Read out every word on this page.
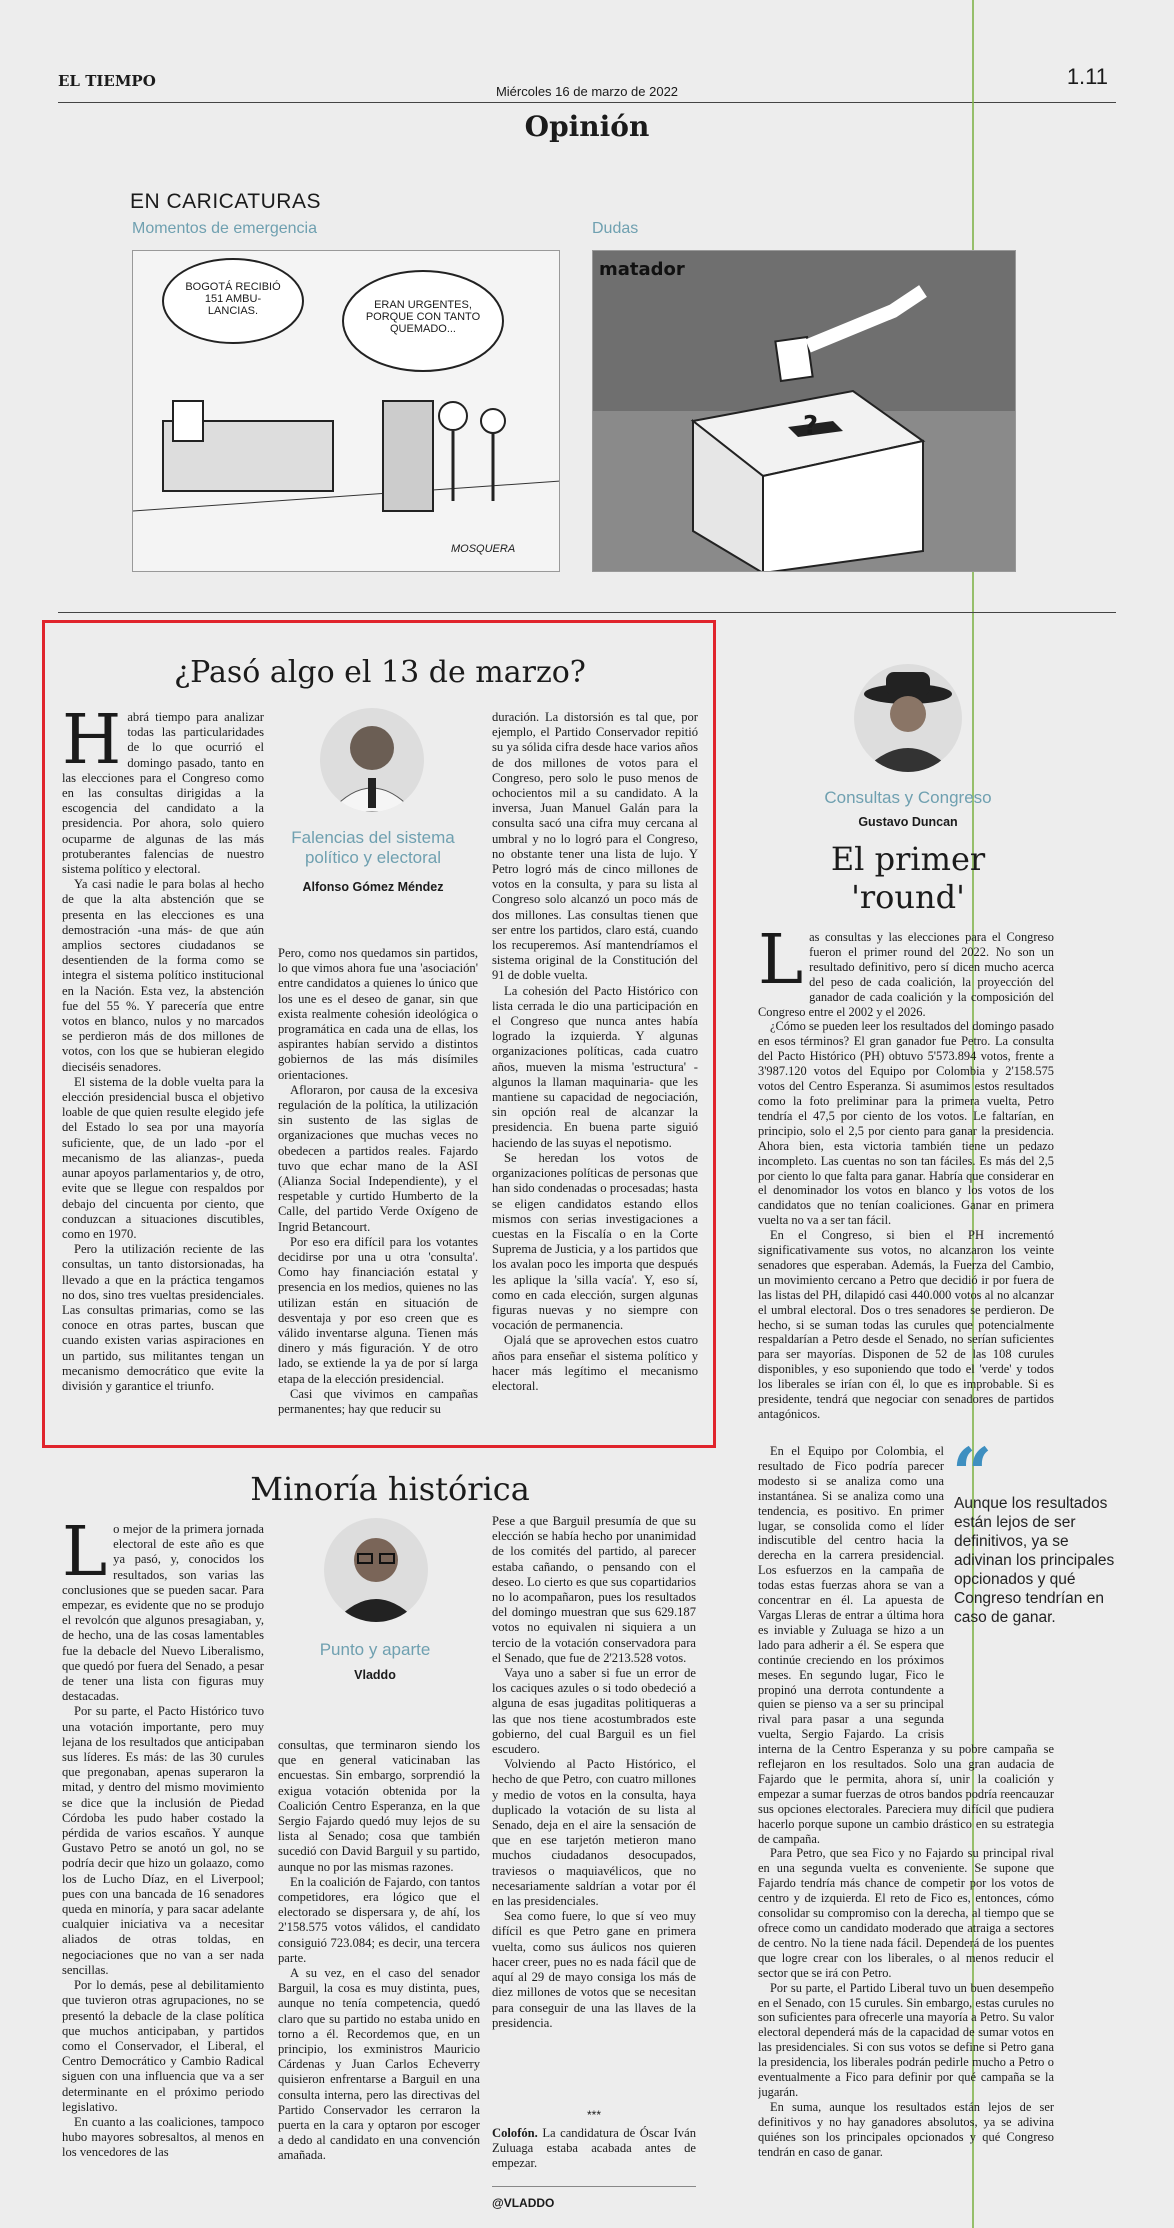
EL TIEMPO
Miércoles 16 de marzo de 2022
1.11
Opinión
EN CARICATURAS
Momentos de emergencia	Dudas
BOGOTÁ RECIBIÓ 151 AMBU-LANCIAS.	ERAN URGENTES, PORQUE CON TANTO QUEMADO...
MOSQUERA
matador
?
¿Pasó algo el 13 de marzo?
H abrá tiempo para analizar todas las particularidades de lo que ocurrió el domingo pasado, tanto en las elecciones para el Congreso como en las consultas dirigidas a la escogencia del candidato a la presidencia. Por ahora, solo quiero ocuparme de algunas de las más protuberantes falencias de nuestro sistema político y electoral.

Ya casi nadie le para bolas al hecho de que la alta abstención que se presenta en las elecciones es una demostración -una más- de que aún amplios sectores ciudadanos se desentienden de la forma como se integra el sistema político institucional en la Nación. Esta vez, la abstención fue del 55 %. Y parecería que entre votos en blanco, nulos y no marcados se perdieron más de dos millones de votos, con los que se hubieran elegido dieciséis senadores.

El sistema de la doble vuelta para la elección presidencial busca el objetivo loable de que quien resulte elegido jefe del Estado lo sea por una mayoría suficiente, que, de un lado -por el mecanismo de las alianzas-, pueda aunar apoyos parlamentarios y, de otro, evite que se llegue con respaldos por debajo del cincuenta por ciento, que conduzcan a situaciones discutibles, como en 1970.

Pero la utilización reciente de las consultas, un tanto distorsionadas, ha llevado a que en la práctica tengamos no dos, sino tres vueltas presidenciales. Las consultas primarias, como se las conoce en otras partes, buscan que cuando existen varias aspiraciones en un partido, sus militantes tengan un mecanismo democrático que evite la división y garantice el triunfo.

Falencias del sistema político y electoral
Alfonso Gómez Méndez

Pero, como nos quedamos sin partidos, lo que vimos ahora fue una 'asociación' entre candidatos a quienes lo único que los une es el deseo de ganar, sin que exista realmente cohesión ideológica o programática en cada una de ellas, los aspirantes habían servido a distintos gobiernos de las más disímiles orientaciones.

Afloraron, por causa de la excesiva regulación de la política, la utilización sin sustento de las siglas de organizaciones que muchas veces no obedecen a partidos reales. Fajardo tuvo que echar mano de la ASI (Alianza Social Independiente), y el respetable y curtido Humberto de la Calle, del partido Verde Oxígeno de Ingrid Betancourt.

Por eso era difícil para los votantes decidirse por una u otra 'consulta'. Como hay financiación estatal y presencia en los medios, quienes no las utilizan están en situación de desventaja y por eso creen que es válido inventarse alguna. Tienen más dinero y más figuración. Y de otro lado, se extiende la ya de por sí larga etapa de la elección presidencial.

Casi que vivimos en campañas permanentes; hay que reducir su

duración. La distorsión es tal que, por ejemplo, el Partido Conservador repitió su ya sólida cifra desde hace varios años de dos millones de votos para el Congreso, pero solo le puso menos de ochocientos mil a su candidato. A la inversa, Juan Manuel Galán para la consulta sacó una cifra muy cercana al umbral y no lo logró para el Congreso, no obstante tener una lista de lujo. Y Petro logró más de cinco millones de votos en la consulta, y para su lista al Congreso solo alcanzó un poco más de dos millones. Las consultas tienen que ser entre los partidos, claro está, cuando los recuperemos. Así mantendríamos el sistema original de la Constitución del 91 de doble vuelta.

La cohesión del Pacto Histórico con lista cerrada le dio una participación en el Congreso que nunca antes había logrado la izquierda. Y algunas organizaciones políticas, cada cuatro años, mueven la misma 'estructura' -algunos la llaman maquinaria- que les mantiene su capacidad de negociación, sin opción real de alcanzar la presidencia. En buena parte siguió haciendo de las suyas el nepotismo.

Se heredan los votos de organizaciones políticas de personas que han sido condenadas o procesadas; hasta se eligen candidatos estando ellos mismos con serias investigaciones a cuestas en la Fiscalía o en la Corte Suprema de Justicia, y a los partidos que los avalan poco les importa que después les aplique la 'silla vacía'. Y, eso sí, como en cada elección, surgen algunas figuras nuevas y no siempre con vocación de permanencia.

Ojalá que se aprovechen estos cuatro años para enseñar el sistema político y hacer más legítimo el mecanismo electoral.

Consultas y Congreso
Gustavo Duncan
El primer 'round'
L as consultas y las elecciones para el Congreso fueron el primer round del 2022. No son un resultado definitivo, pero sí dicen mucho acerca del peso de cada coalición, la proyección del ganador de cada coalición y la composición del Congreso entre el 2002 y el 2026.

¿Cómo se pueden leer los resultados del domingo pasado en esos términos? El gran ganador fue Petro. La consulta del Pacto Histórico (PH) obtuvo 5'573.894 votos, frente a 3'987.120 votos del Equipo por Colombia y 2'158.575 votos del Centro Esperanza. Si asumimos estos resultados como la foto preliminar para la primera vuelta, Petro tendría el 47,5 por ciento de los votos. Le faltarían, en principio, solo el 2,5 por ciento para ganar la presidencia. Ahora bien, esta victoria también tiene un pedazo incompleto. Las cuentas no son tan fáciles. Es más del 2,5 por ciento lo que falta para ganar. Habría que considerar en el denominador los votos en blanco y los votos de los candidatos que no tenían coaliciones. Ganar en primera vuelta no va a ser tan fácil.

En el Congreso, si bien el PH incrementó significativamente sus votos, no alcanzaron los veinte senadores que esperaban. Además, la Fuerza del Cambio, un movimiento cercano a Petro que decidió ir por fuera de las listas del PH, dilapidó casi 440.000 votos al no alcanzar el umbral electoral. Dos o tres senadores se perdieron. De hecho, si se suman todas las curules que potencialmente respaldarían a Petro desde el Senado, no serían suficientes para ser mayorías. Disponen de 52 de las 108 curules disponibles, y eso suponiendo que todo el 'verde' y todos los liberales se irían con él, lo que es improbable. Si es presidente, tendrá que negociar con senadores de partidos antagónicos.

“
Aunque los resultados están lejos de ser definitivos, ya se adivinan los principales opcionados y qué Congreso tendrían en caso de ganar.

En el Equipo por Colombia, el resultado de Fico podría parecer modesto si se analiza como una instantánea. Si se analiza como una tendencia, es positivo. En primer lugar, se consolida como el líder indiscutible del centro hacia la derecha en la carrera presidencial. Los esfuerzos en la campaña de todas estas fuerzas ahora se van a concentrar en él. La apuesta de Vargas Lleras de entrar a última hora es inviable y Zuluaga se hizo a un lado para adherir a él. Se espera que continúe creciendo en los próximos meses. En segundo lugar, Fico le propinó una derrota contundente a quien se pienso va a ser su principal rival para pasar a una segunda vuelta, Sergio Fajardo. La crisis interna de la Centro Esperanza y su pobre campaña se reflejaron en los resultados. Solo una gran audacia de Fajardo que le permita, ahora sí, unir la coalición y empezar a sumar fuerzas de otros bandos podría reencauzar sus opciones electorales. Pareciera muy difícil que pudiera hacerlo porque supone un cambio drástico en su estrategia de campaña.

Para Petro, que sea Fico y no Fajardo su principal rival en una segunda vuelta es conveniente. Se supone que Fajardo tendría más chance de competir por los votos de centro y de izquierda. El reto de Fico es, entonces, cómo consolidar su compromiso con la derecha, al tiempo que se ofrece como un candidato moderado que atraiga a sectores de centro. No la tiene nada fácil. Dependerá de los puentes que logre crear con los liberales, o al menos reducir el sector que se irá con Petro.

Por su parte, el Partido Liberal tuvo un buen desempeño en el Senado, con 15 curules. Sin embargo, estas curules no son suficientes para ofrecerle una mayoría a Petro. Su valor electoral dependerá más de la capacidad de sumar votos en las presidenciales. Si con sus votos se define si Petro gana la presidencia, los liberales podrán pedirle mucho a Petro o eventualmente a Fico para definir por qué campaña se la jugarán.

En suma, aunque los resultados están lejos de ser definitivos y no hay ganadores absolutos, ya se adivina quiénes son los principales opcionados y qué Congreso tendrán en caso de ganar.

Minoría histórica
L o mejor de la primera jornada electoral de este año es que ya pasó, y, conocidos los resultados, son varias las conclusiones que se pueden sacar. Para empezar, es evidente que no se produjo el revolcón que algunos presagiaban, y, de hecho, una de las cosas lamentables fue la debacle del Nuevo Liberalismo, que quedó por fuera del Senado, a pesar de tener una lista con figuras muy destacadas.

Por su parte, el Pacto Histórico tuvo una votación importante, pero muy lejana de los resultados que anticipaban sus líderes. Es más: de las 30 curules que pregonaban, apenas superaron la mitad, y dentro del mismo movimiento se dice que la inclusión de Piedad Córdoba les pudo haber costado la pérdida de varios escaños. Y aunque Gustavo Petro se anotó un gol, no se podría decir que hizo un golaazo, como los de Lucho Díaz, en el Liverpool; pues con una bancada de 16 senadores queda en minoría, y para sacar adelante cualquier iniciativa va a necesitar aliados de otras toldas, en negociaciones que no van a ser nada sencillas.

Por lo demás, pese al debilitamiento que tuvieron otras agrupaciones, no se presentó la debacle de la clase política que muchos anticipaban, y partidos como el Conservador, el Liberal, el Centro Democrático y Cambio Radical siguen con una influencia que va a ser determinante en el próximo periodo legislativo.

En cuanto a las coaliciones, tampoco hubo mayores sobresaltos, al menos en los vencedores de las

Punto y aparte
Vladdo

consultas, que terminaron siendo los que en general vaticinaban las encuestas. Sin embargo, sorprendió la exigua votación obtenida por la Coalición Centro Esperanza, en la que Sergio Fajardo quedó muy lejos de su lista al Senado; cosa que también sucedió con David Barguil y su partido, aunque no por las mismas razones.

En la coalición de Fajardo, con tantos competidores, era lógico que el electorado se dispersara y, de ahí, los 2'158.575 votos válidos, el candidato consiguió 723.084; es decir, una tercera parte.

A su vez, en el caso del senador Barguil, la cosa es muy distinta, pues, aunque no tenía competencia, quedó claro que su partido no estaba unido en torno a él. Recordemos que, en un principio, los exministros Mauricio Cárdenas y Juan Carlos Echeverry quisieron enfrentarse a Barguil en una consulta interna, pero las directivas del Partido Conservador les cerraron la puerta en la cara y optaron por escoger a dedo al candidato en una convención amañada.

Pese a que Barguil presumía de que su elección se había hecho por unanimidad de los comités del partido, al parecer estaba cañando, o pensando con el deseo. Lo cierto es que sus copartidarios no lo acompañaron, pues los resultados del domingo muestran que sus 629.187 votos no equivalen ni siquiera a un tercio de la votación conservadora para el Senado, que fue de 2'213.528 votos.

Vaya uno a saber si fue un error de los caciques azules o si todo obedeció a alguna de esas jugaditas politiqueras a las que nos tiene acostumbrados este gobierno, del cual Barguil es un fiel escudero.

Volviendo al Pacto Histórico, el hecho de que Petro, con cuatro millones y medio de votos en la consulta, haya duplicado la votación de su lista al Senado, deja en el aire la sensación de que en ese tarjetón metieron mano muchos ciudadanos desocupados, traviesos o maquiavélicos, que no necesariamente saldrían a votar por él en las presidenciales.

Sea como fuere, lo que sí veo muy difícil es que Petro gane en primera vuelta, como sus áulicos nos quieren hacer creer, pues no es nada fácil que de aquí al 29 de mayo consiga los más de diez millones de votos que se necesitan para conseguir de una las llaves de la presidencia.

***

Colofón. La candidatura de Óscar Iván Zuluaga estaba acabada antes de empezar.

@VLADDO
